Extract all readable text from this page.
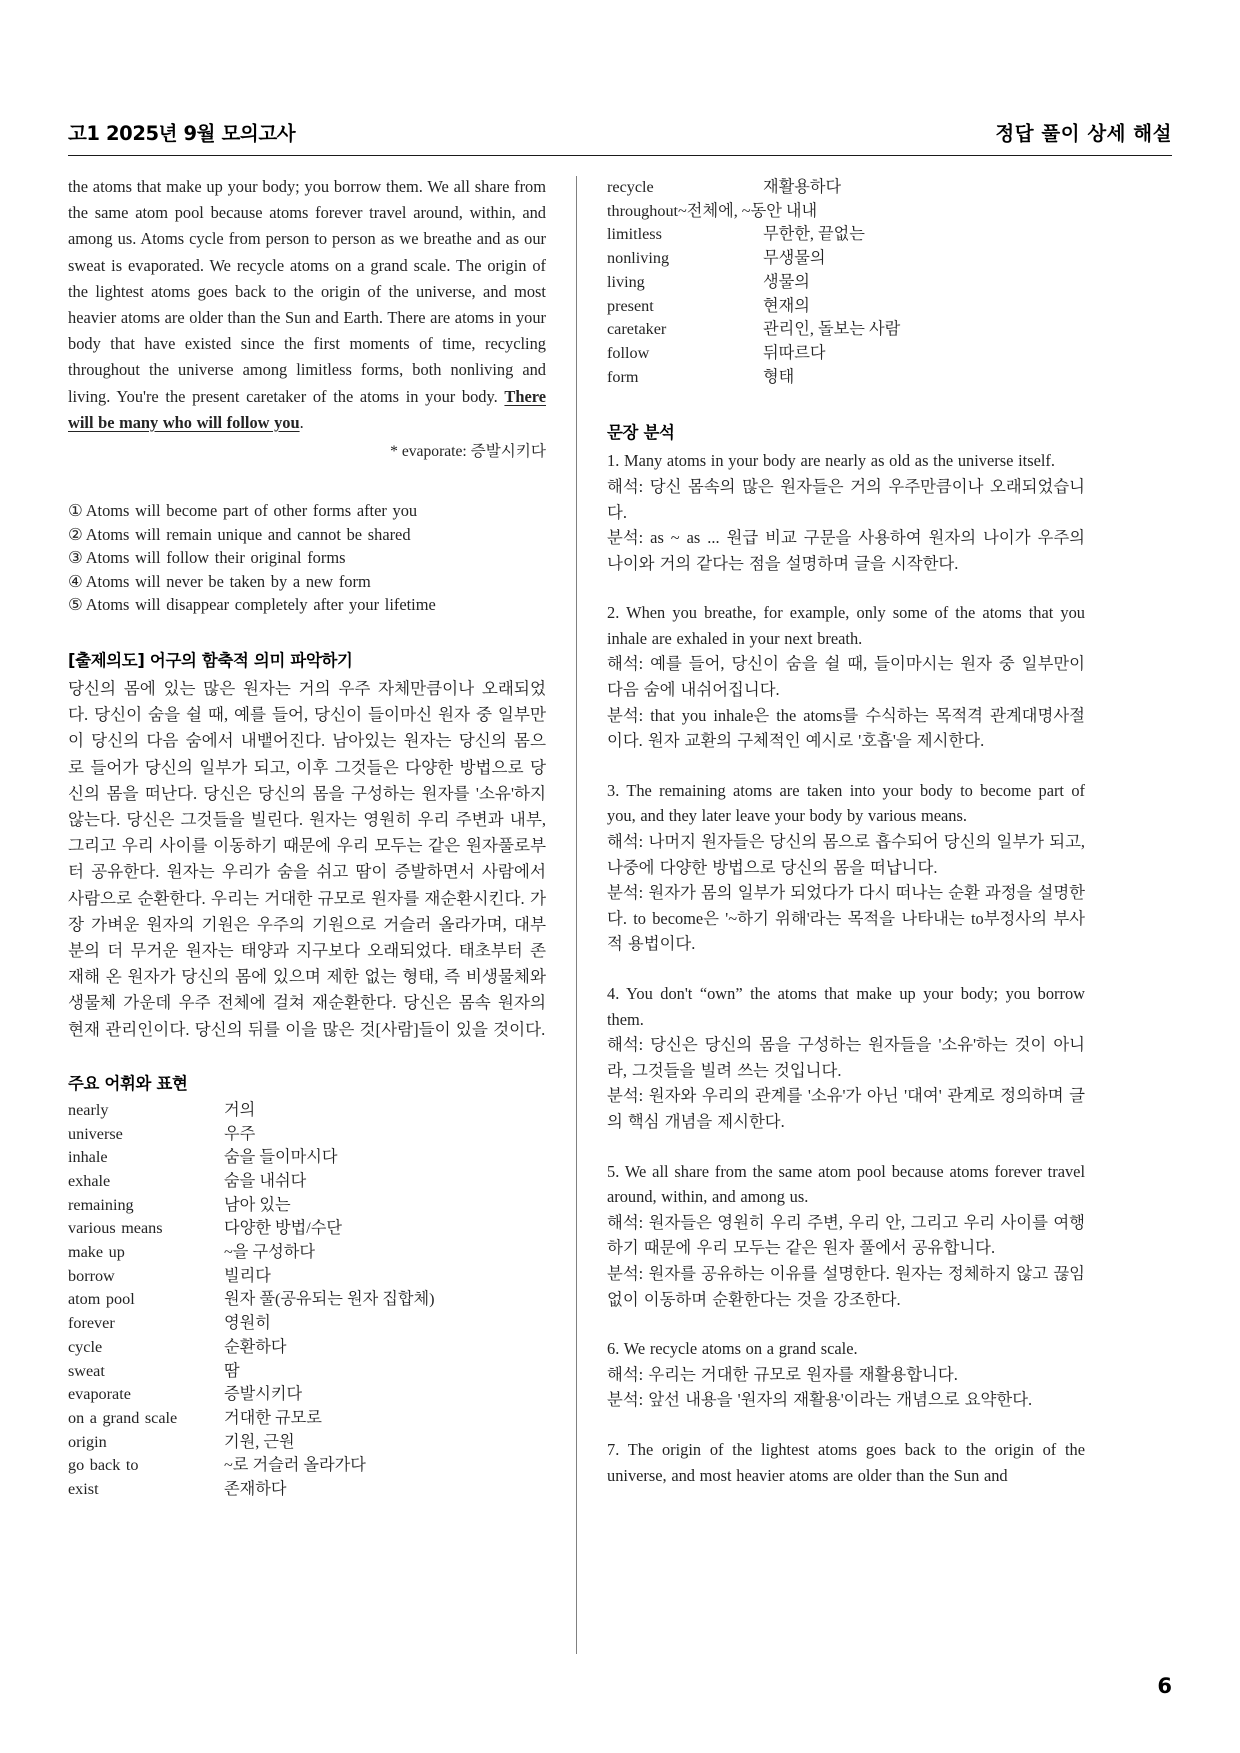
고1 2025년 9월 모의고사	정답 풀이 상세 해설

the atoms that make up your body; you borrow them. We all share from the same atom pool because atoms forever travel around, within, and among us. Atoms cycle from person to person as we breathe and as our sweat is evaporated. We recycle atoms on a grand scale. The origin of the lightest atoms goes back to the origin of the universe, and most heavier atoms are older than the Sun and Earth. There are atoms in your body that have existed since the first moments of time, recycling throughout the universe among limitless forms, both nonliving and living. You're the present caretaker of the atoms in your body. There will be many who will follow you.

* evaporate: 증발시키다
① Atoms will become part of other forms after you
② Atoms will remain unique and cannot be shared
③ Atoms will follow their original forms
④ Atoms will never be taken by a new form
⑤ Atoms will disappear completely after your lifetime
[출제의도] 어구의 함축적 의미 파악하기

당신의 몸에 있는 많은 원자는 거의 우주 자체만큼이나 오래되었다. 당신이 숨을 쉴 때, 예를 들어, 당신이 들이마신 원자 중 일부만이 당신의 다음 숨에서 내뱉어진다. 남아있는 원자는 당신의 몸으로 들어가 당신의 일부가 되고, 이후 그것들은 다양한 방법으로 당신의 몸을 떠난다. 당신은 당신의 몸을 구성하는 원자를 '소유'하지 않는다. 당신은 그것들을 빌린다. 원자는 영원히 우리 주변과 내부, 그리고 우리 사이를 이동하기 때문에 우리 모두는 같은 원자풀로부터 공유한다. 원자는 우리가 숨을 쉬고 땀이 증발하면서 사람에서 사람으로 순환한다. 우리는 거대한 규모로 원자를 재순환시킨다. 가장 가벼운 원자의 기원은 우주의 기원으로 거슬러 올라가며, 대부분의 더 무거운 원자는 태양과 지구보다 오래되었다. 태초부터 존재해 온 원자가 당신의 몸에 있으며 제한 없는 형태, 즉 비생물체와 생물체 가운데 우주 전체에 걸쳐 재순환한다. 당신은 몸속 원자의 현재 관리인이다. 당신의 뒤를 이을 많은 것[사람]들이 있을 것이다.

주요 어휘와 표현
nearly	거의
universe	우주
inhale	숨을 들이마시다
exhale	숨을 내쉬다
remaining	남아 있는
various means	다양한 방법/수단
make up	~을 구성하다
borrow	빌리다
atom pool	원자 풀(공유되는 원자 집합체)
forever	영원히
cycle	순환하다
sweat	땀
evaporate	증발시키다
on a grand scale	거대한 규모로
origin	기원, 근원
go back to	~로 거슬러 올라가다
exist	존재하다
recycle	재활용하다
throughout ~전체에, ~동안 내내
limitless	무한한, 끝없는
nonliving	무생물의
living	생물의
present	현재의
caretaker	관리인, 돌보는 사람
follow	뒤따르다
form	형태
문장 분석

1. Many atoms in your body are nearly as old as the universe itself.

해석: 당신 몸속의 많은 원자들은 거의 우주만큼이나 오래되었습니다.

분석: as ~ as ... 원급 비교 구문을 사용하여 원자의 나이가 우주의 나이와 거의 같다는 점을 설명하며 글을 시작한다.

2. When you breathe, for example, only some of the atoms that you inhale are exhaled in your next breath.

해석: 예를 들어, 당신이 숨을 쉴 때, 들이마시는 원자 중 일부만이 다음 숨에 내쉬어집니다.

분석: that you inhale은 the atoms를 수식하는 목적격 관계대명사절이다. 원자 교환의 구체적인 예시로 '호흡'을 제시한다.

3. The remaining atoms are taken into your body to become part of you, and they later leave your body by various means.

해석: 나머지 원자들은 당신의 몸으로 흡수되어 당신의 일부가 되고, 나중에 다양한 방법으로 당신의 몸을 떠납니다.

분석: 원자가 몸의 일부가 되었다가 다시 떠나는 순환 과정을 설명한다. to become은 '~하기 위해'라는 목적을 나타내는 to부정사의 부사적 용법이다.

4. You don't “own” the atoms that make up your body; you borrow them.

해석: 당신은 당신의 몸을 구성하는 원자들을 '소유'하는 것이 아니라, 그것들을 빌려 쓰는 것입니다.

분석: 원자와 우리의 관계를 '소유'가 아닌 '대여' 관계로 정의하며 글의 핵심 개념을 제시한다.

5. We all share from the same atom pool because atoms forever travel around, within, and among us.

해석: 원자들은 영원히 우리 주변, 우리 안, 그리고 우리 사이를 여행하기 때문에 우리 모두는 같은 원자 풀에서 공유합니다.

분석: 원자를 공유하는 이유를 설명한다. 원자는 정체하지 않고 끊임없이 이동하며 순환한다는 것을 강조한다.

6. We recycle atoms on a grand scale.

해석: 우리는 거대한 규모로 원자를 재활용합니다.

분석: 앞선 내용을 '원자의 재활용'이라는 개념으로 요약한다.

7. The origin of the lightest atoms goes back to the origin of the universe, and most heavier atoms are older than the Sun and

6
